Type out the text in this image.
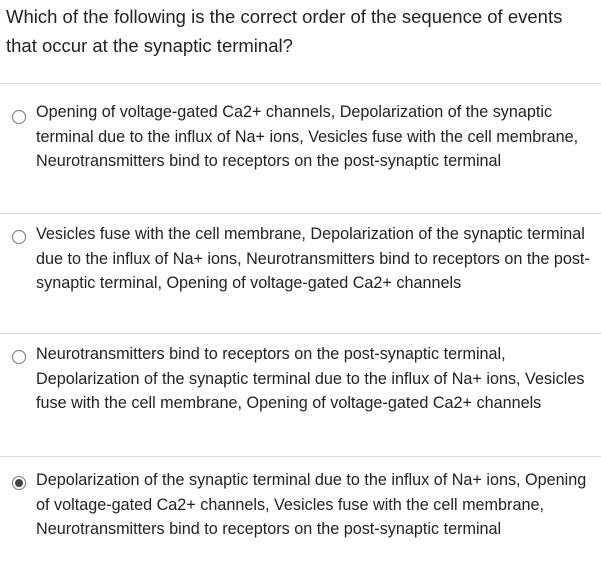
Which of the following is the correct order of the sequence of events that occur at the synaptic terminal?
Opening of voltage-gated Ca2+ channels, Depolarization of the synaptic terminal due to the influx of Na+ ions, Vesicles fuse with the cell membrane, Neurotransmitters bind to receptors on the post-synaptic terminal
Vesicles fuse with the cell membrane, Depolarization of the synaptic terminal due to the influx of Na+ ions, Neurotransmitters bind to receptors on the post-synaptic terminal, Opening of voltage-gated Ca2+ channels
Neurotransmitters bind to receptors on the post-synaptic terminal, Depolarization of the synaptic terminal due to the influx of Na+ ions, Vesicles fuse with the cell membrane, Opening of voltage-gated Ca2+ channels
Depolarization of the synaptic terminal due to the influx of Na+ ions, Opening of voltage-gated Ca2+ channels, Vesicles fuse with the cell membrane, Neurotransmitters bind to receptors on the post-synaptic terminal
